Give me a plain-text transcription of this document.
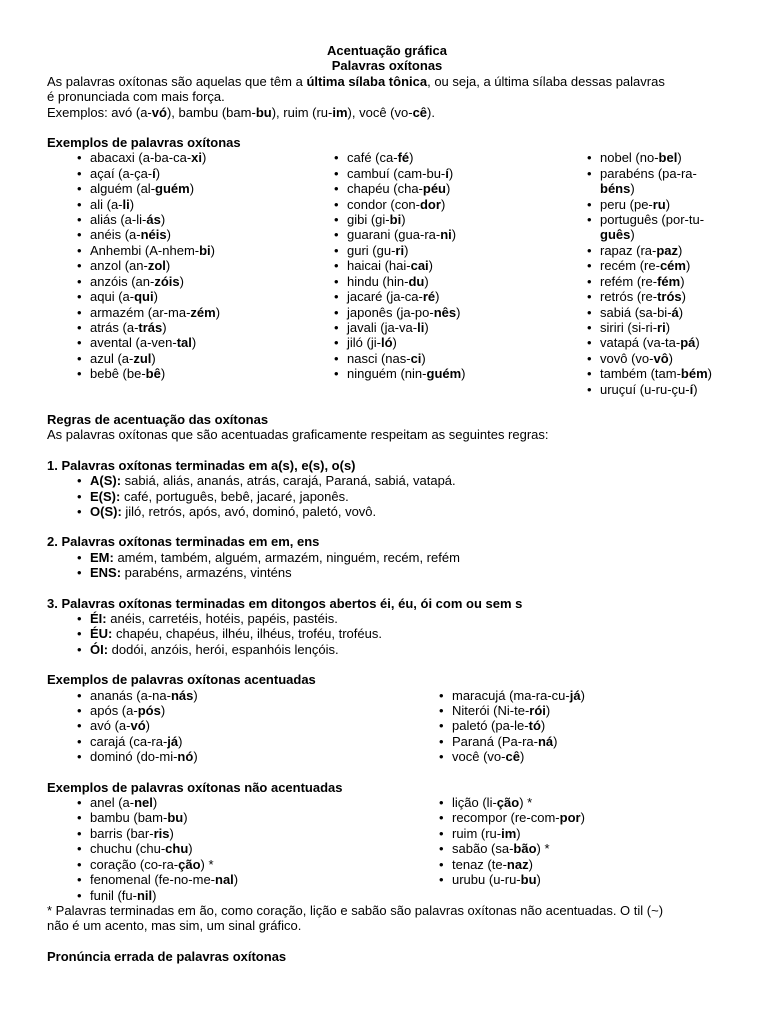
Acentuação gráfica

Palavras oxítonas

As palavras oxítonas são aquelas que têm a última sílaba tônica, ou seja, a última sílaba dessas palavras

é pronunciada com mais força.

Exemplos: avó (a-vó), bambu (bam-bu), ruim (ru-im), você (vo-cê).

Exemplos de palavras oxítonas

• abacaxi (a-ba-ca-xi)
• açaí (a-ça-í)
• alguém (al-guém)
• ali (a-li)
• aliás (a-li-ás)
• anéis (a-néis)
• Anhembi (A-nhem-bi)
• anzol (an-zol)
• anzóis (an-zóis)
• aqui (a-qui)
• armazém (ar-ma-zém)
• atrás (a-trás)
• avental (a-ven-tal)
• azul (a-zul)
• bebê (be-bê)
• café (ca-fé)
• cambuí (cam-bu-í)
• chapéu (cha-péu)
• condor (con-dor)
• gibi (gi-bi)
• guarani (gua-ra-ni)
• guri (gu-ri)
• haicai (hai-cai)
• hindu (hin-du)
• jacaré (ja-ca-ré)
• japonês (ja-po-nês)
• javali (ja-va-li)
• jiló (ji-ló)
• nasci (nas-ci)
• ninguém (nin-guém)
• nobel (no-bel)
• parabéns (pa-ra-béns)
• peru (pe-ru)
• português (por-tu-guês)
• rapaz (ra-paz)
• recém (re-cém)
• refém (re-fém)
• retrós (re-trós)
• sabiá (sa-bi-á)
• siriri (si-ri-ri)
• vatapá (va-ta-pá)
• vovô (vo-vô)
• também (tam-bém)
• uruçuí (u-ru-çu-í)

Regras de acentuação das oxítonas

As palavras oxítonas que são acentuadas graficamente respeitam as seguintes regras:

1. Palavras oxítonas terminadas em a(s), e(s), o(s)

• A(S): sabiá, aliás, ananás, atrás, carajá, Paraná, sabiá, vatapá.
• E(S): café, português, bebê, jacaré, japonês.
• O(S): jiló, retrós, após, avó, dominó, paletó, vovô.

2. Palavras oxítonas terminadas em em, ens

• EM: amém, também, alguém, armazém, ninguém, recém, refém
• ENS: parabéns, armazéns, vinténs

3. Palavras oxítonas terminadas em ditongos abertos éi, éu, ói com ou sem s

• ÉI: anéis, carretéis, hotéis, papéis, pastéis.
• ÉU: chapéu, chapéus, ilhéu, ilhéus, troféu, troféus.
• ÓI: dodói, anzóis, herói, espanhóis lençóis.

Exemplos de palavras oxítonas acentuadas

• ananás (a-na-nás)
• após (a-pós)
• avó (a-vó)
• carajá (ca-ra-já)
• dominó (do-mi-nó)
• maracujá (ma-ra-cu-já)
• Niterói (Ni-te-rói)
• paletó (pa-le-tó)
• Paraná (Pa-ra-ná)
• você (vo-cê)

Exemplos de palavras oxítonas não acentuadas

• anel (a-nel)
• bambu (bam-bu)
• barris (bar-ris)
• chuchu (chu-chu)
• coração (co-ra-ção) *
• fenomenal (fe-no-me-nal)
• funil (fu-nil)
• lição (li-ção) *
• recompor (re-com-por)
• ruim (ru-im)
• sabão (sa-bão) *
• tenaz (te-naz)
• urubu (u-ru-bu)

* Palavras terminadas em ão, como coração, lição e sabão são palavras oxítonas não acentuadas. O til (~)

não é um acento, mas sim, um sinal gráfico.

Pronúncia errada de palavras oxítonas
